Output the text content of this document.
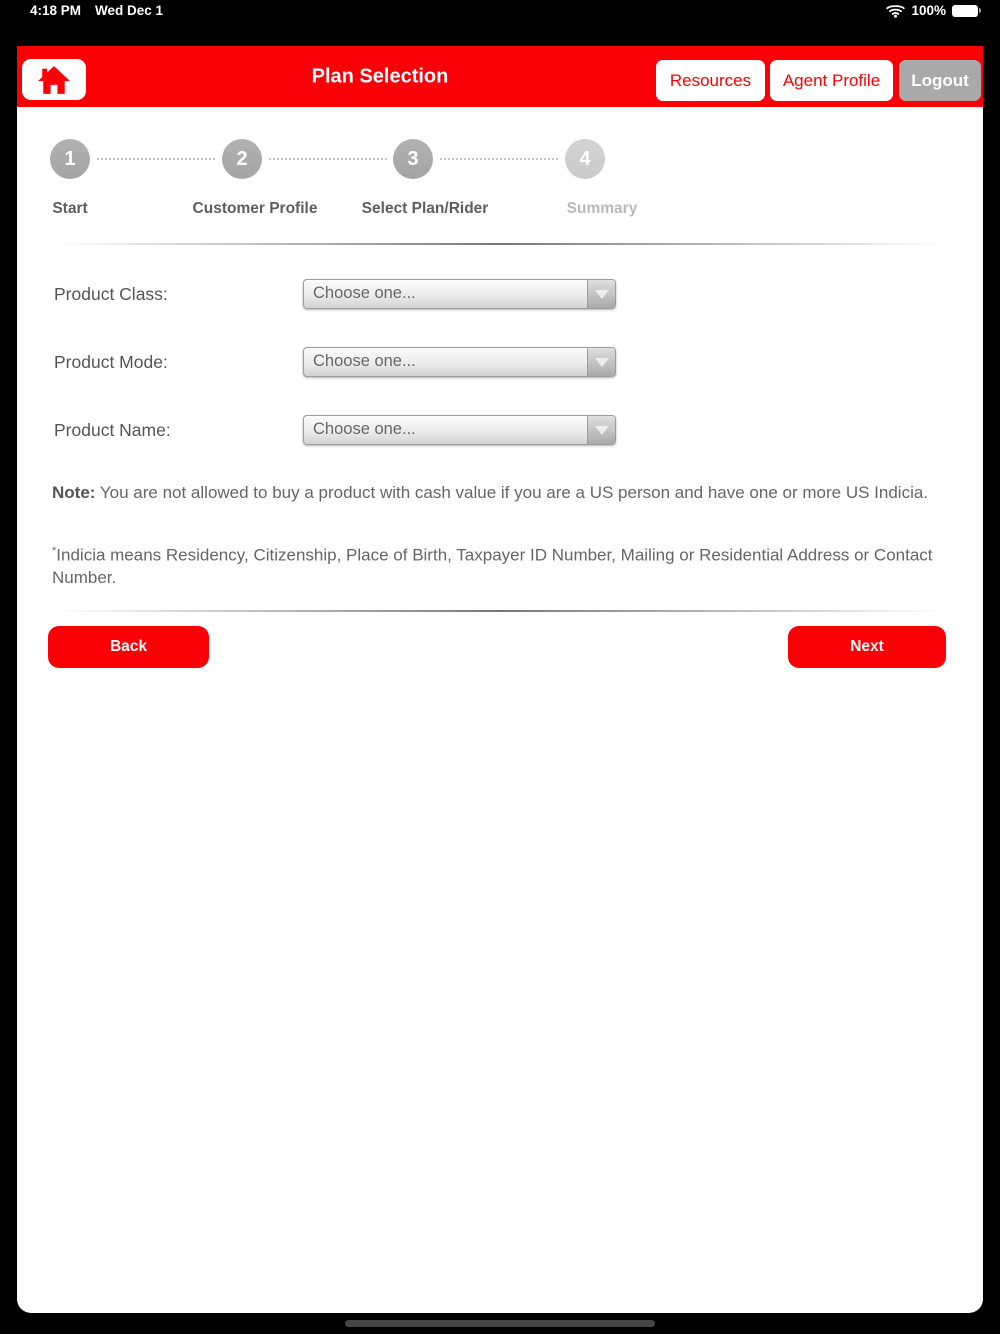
4:18 PM Wed Dec 1	100%
Plan Selection	Resources	Agent Profile	Logout
1	2	3	4
Start	Customer Profile	Select Plan/Rider	Summary
Product Class:	Choose one...
Product Mode:	Choose one...
Product Name:	Choose one...

Note: You are not allowed to buy a product with cash value if you are a US person and have one or more US Indicia.

*Indicia means Residency, Citizenship, Place of Birth, Taxpayer ID Number, Mailing or Residential Address or Contact Number.

Back	Next
